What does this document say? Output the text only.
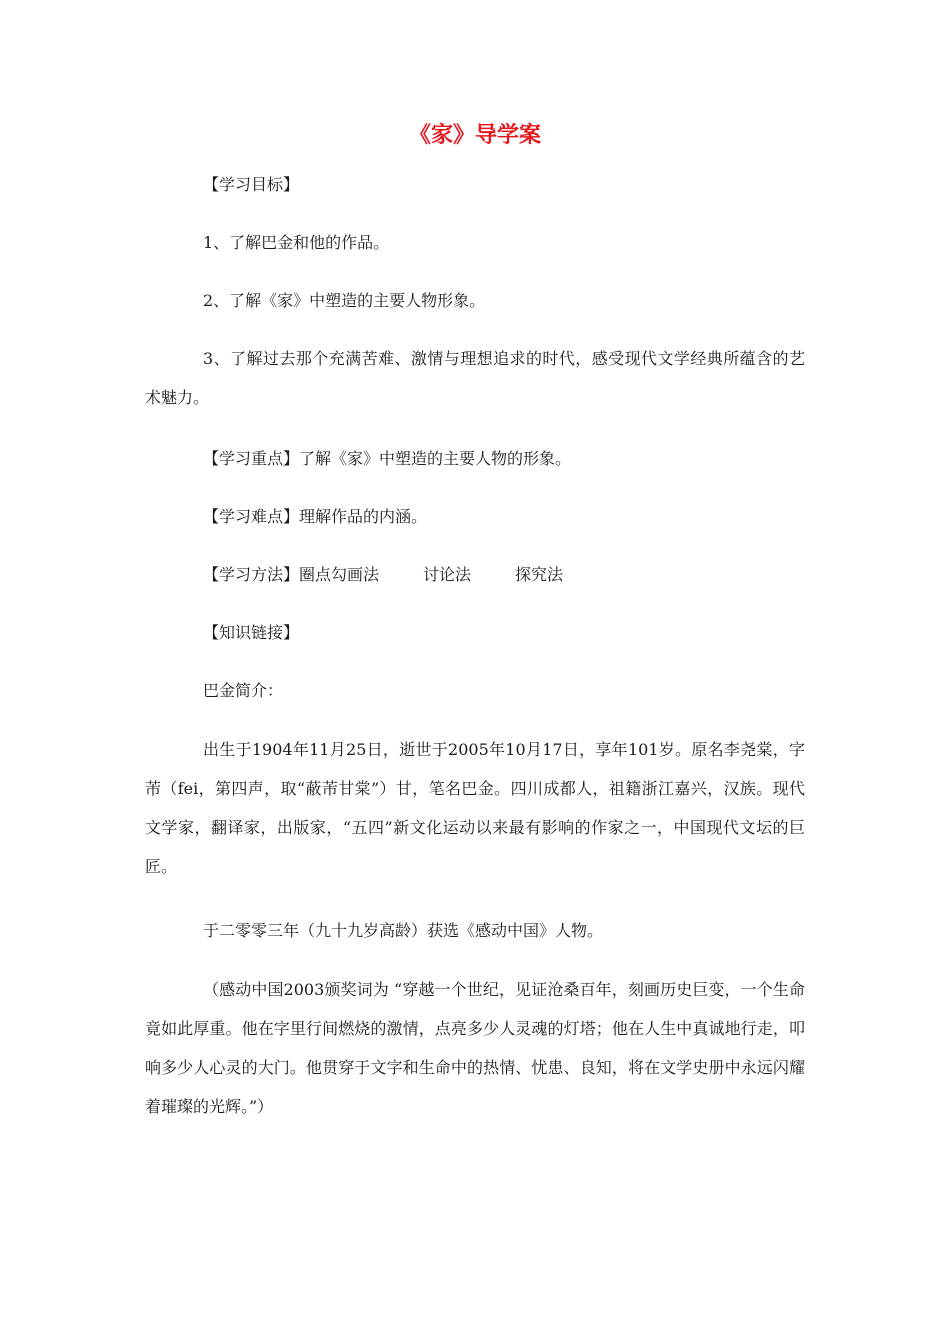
《家》导学案
【学习目标】
1、了解巴金和他的作品。
2、了解《家》中塑造的主要人物形象。

3、了解过去那个充满苦难、激情与理想追求的时代，感受现代文学经典所蕴含的艺术魅力。

【学习重点】了解《家》中塑造的主要人物的形象。
【学习难点】理解作品的内涵。
【学习方法】圈点勾画法	讨论法	探究法
【知识链接】
巴金简介：

出生于1904年11月25日，逝世于2005年10月17日，享年101岁。原名李尧棠，字芾（fei，第四声，取“蔽芾甘棠”）甘，笔名巴金。四川成都人，祖籍浙江嘉兴，汉族。现代文学家，翻译家，出版家，“五四”新文化运动以来最有影响的作家之一，中国现代文坛的巨匠。

于二零零三年（九十九岁高龄）获选《感动中国》人物。

（感动中国2003颁奖词为 “穿越一个世纪，见证沧桑百年，刻画历史巨变，一个生命竟如此厚重。他在字里行间燃烧的激情，点亮多少人灵魂的灯塔；他在人生中真诚地行走，叩响多少人心灵的大门。他贯穿于文字和生命中的热情、忧患、良知，将在文学史册中永远闪耀着璀璨的光辉。”）
